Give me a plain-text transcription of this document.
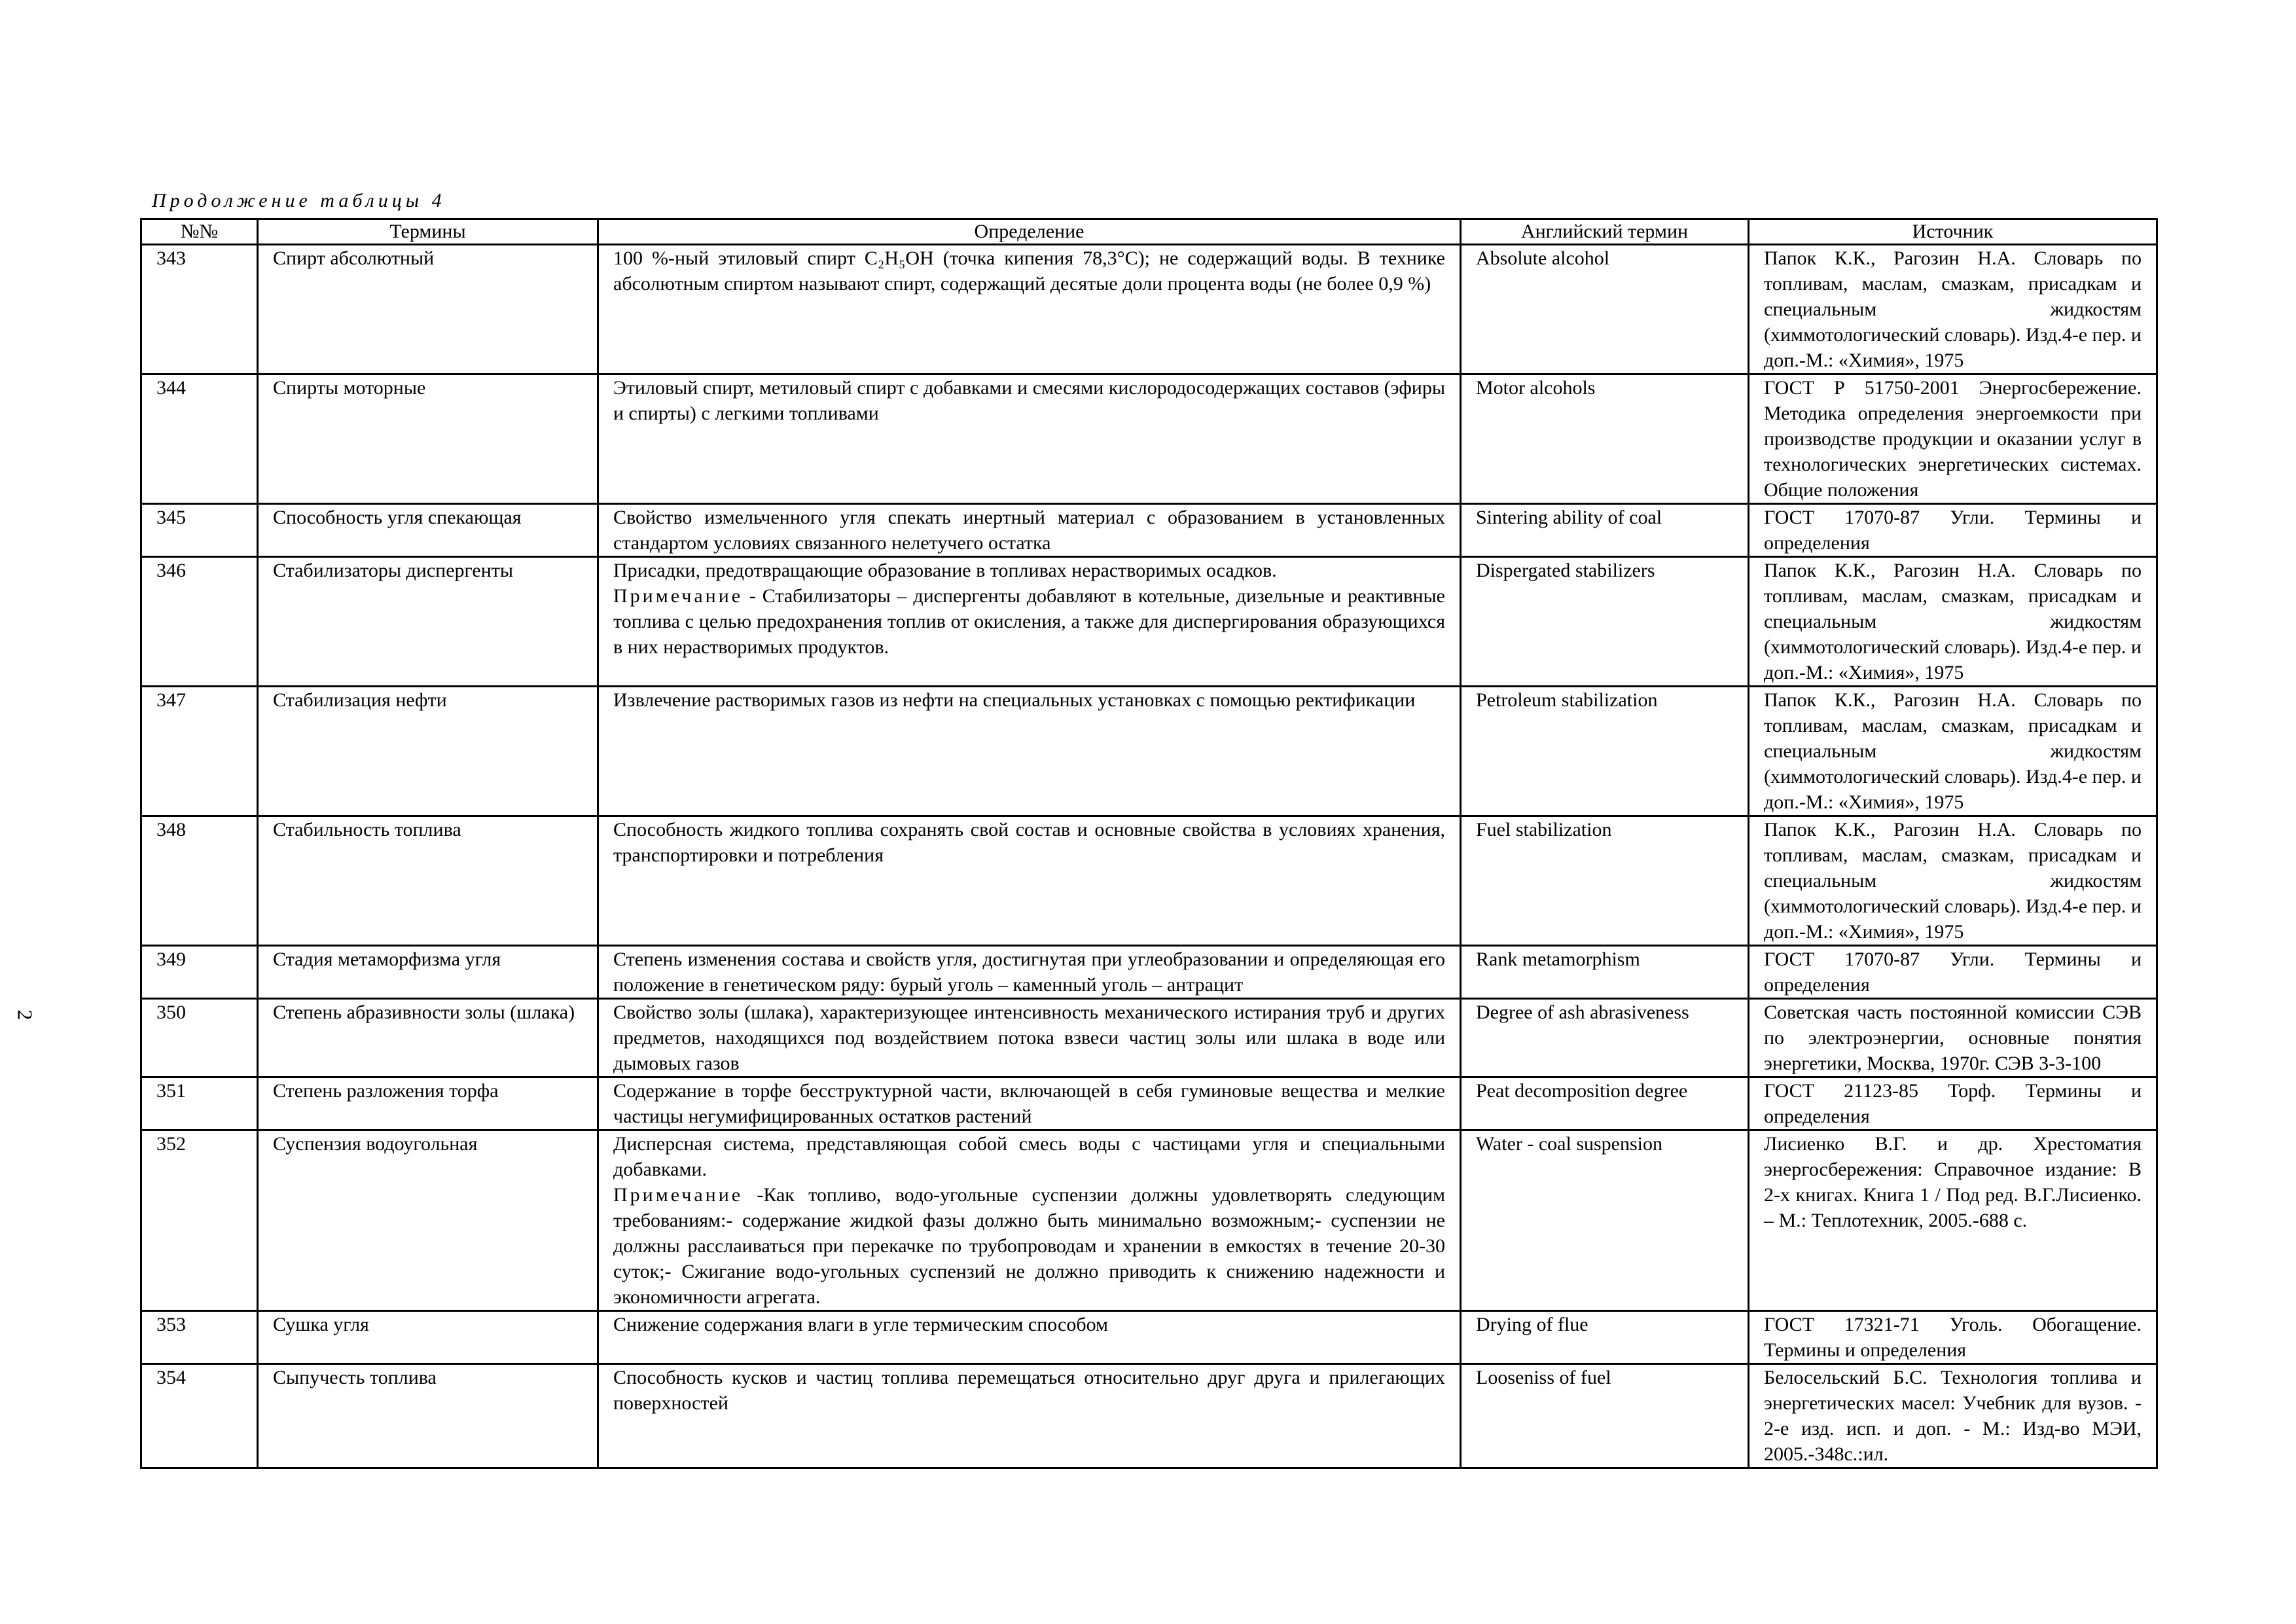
Продолжение таблицы 4
2
№№	Термины	Определение	Английский термин	Источник
343	Спирт абсолютный	100 %-ный этиловый спирт C₂H₅OH (точка кипения 78,3°C); не содержащий воды. В технике абсолютным спиртом называют спирт, содержащий десятые доли процента воды (не более 0,9 %)	Absolute alcohol	Папок К.К., Рагозин Н.А. Словарь по топливам, маслам, смазкам, присадкам и специальным жидкостям (химмотологический словарь). Изд.4-е пер. и доп.-М.: «Химия», 1975
344	Спирты моторные	Этиловый спирт, метиловый спирт с добавками и смесями кислородосодержащих составов (эфиры и спирты) с легкими топливами	Motor alcohols	ГОСТ Р 51750-2001 Энергосбережение. Методика определения энергоемкости при производстве продукции и оказании услуг в технологических энергетических системах. Общие положения
345	Способность угля спекающая	Свойство измельченного угля спекать инертный материал с образованием в установленных стандартом условиях связанного нелетучего остатка	Sintering ability of coal	ГОСТ 17070-87 Угли. Термины и определения
346	Стабилизаторы диспергенты	Присадки, предотвращающие образование в топливах нерастворимых осадков.
Примечание - Стабилизаторы – диспергенты добавляют в котельные, дизельные и реактивные топлива с целью предохранения топлив от окисления, а также для диспергирования образующихся в них нерастворимых продуктов.	Dispergated stabilizers	Папок К.К., Рагозин Н.А. Словарь по топливам, маслам, смазкам, присадкам и специальным жидкостям (химмотологический словарь). Изд.4-е пер. и доп.-М.: «Химия», 1975
347	Стабилизация нефти	Извлечение растворимых газов из нефти на специальных установках с помощью ректификации	Petroleum stabilization	Папок К.К., Рагозин Н.А. Словарь по топливам, маслам, смазкам, присадкам и специальным жидкостям (химмотологический словарь). Изд.4-е пер. и доп.-М.: «Химия», 1975
348	Стабильность топлива	Способность жидкого топлива сохранять свой состав и основные свойства в условиях хранения, транспортировки и потребления	Fuel stabilization	Папок К.К., Рагозин Н.А. Словарь по топливам, маслам, смазкам, присадкам и специальным жидкостям (химмотологический словарь). Изд.4-е пер. и доп.-М.: «Химия», 1975
349	Стадия метаморфизма угля	Степень изменения состава и свойств угля, достигнутая при углеобразовании и определяющая его положение в генетическом ряду: бурый уголь – каменный уголь – антрацит	Rank metamorphism	ГОСТ 17070-87 Угли. Термины и определения
350	Степень абразивности золы (шлака)	Свойство золы (шлака), характеризующее интенсивность механического истирания труб и других предметов, находящихся под воздействием потока взвеси частиц золы или шлака в воде или дымовых газов	Degree of ash abrasiveness	Советская часть постоянной комиссии СЭВ по электроэнергии, основные понятия энергетики, Москва, 1970г. СЭВ 3-3-100
351	Степень разложения торфа	Содержание в торфе бесструктурной части, включающей в себя гуминовые вещества и мелкие частицы негумифицированных остатков растений	Peat decomposition degree	ГОСТ 21123-85 Торф. Термины и определения
352	Суспензия водоугольная	Дисперсная система, представляющая собой смесь воды с частицами угля и специальными добавками.
Примечание -Как топливо, водо-угольные суспензии должны удовлетворять следующим требованиям:- содержание жидкой фазы должно быть минимально возможным;- суспензии не должны расслаиваться при перекачке по трубопроводам и хранении в емкостях в течение 20-30 суток;- Сжигание водо-угольных суспензий не должно приводить к снижению надежности и экономичности агрегата.	Water - coal suspension	Лисиенко В.Г. и др. Хрестоматия энергосбережения: Справочное издание: В 2-х книгах. Книга 1 / Под ред. В.Г.Лисиенко. – М.: Теплотехник, 2005.-688 с.
353	Сушка угля	Снижение содержания влаги в угле термическим способом	Drying of flue	ГОСТ 17321-71 Уголь. Обогащение. Термины и определения
354	Сыпучесть топлива	Способность кусков и частиц топлива перемещаться относительно друг друга и прилегающих поверхностей	Looseniss of fuel	Белосельский Б.С. Технология топлива и энергетических масел: Учебник для вузов. - 2-е изд. исп. и доп. - М.: Изд-во МЭИ, 2005.-348с.:ил.
